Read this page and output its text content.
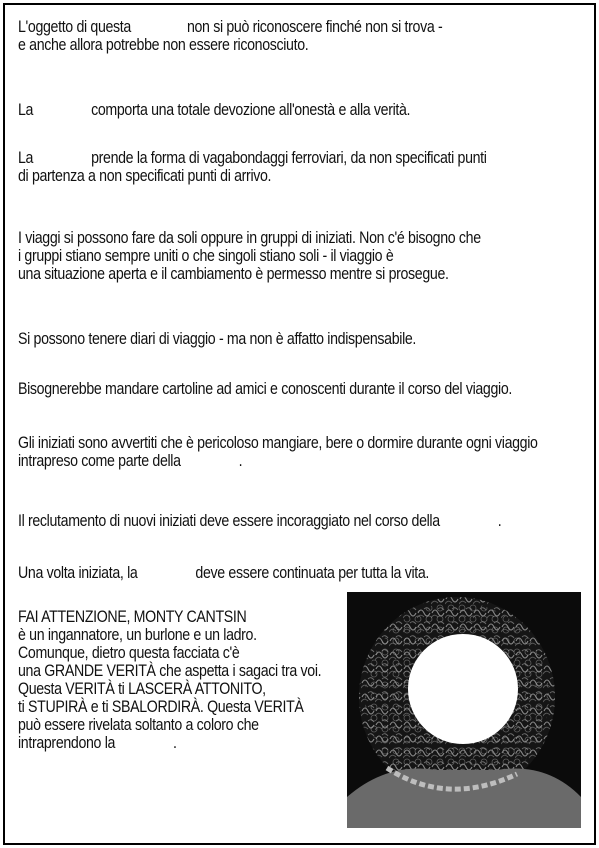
L'oggetto di questa	non si può riconoscere finché non si trova -
e anche allora potrebbe non essere riconosciuto.
La	comporta una totale devozione all'onestà e alla verità.
La	prende la forma di vagabondaggi ferroviari, da non specificati punti
di partenza a non specificati punti di arrivo.
I viaggi si possono fare da soli oppure in gruppi di iniziati. Non c'é bisogno che
i gruppi stiano sempre uniti o che singoli stiano soli - il viaggio è
una situazione aperta e il cambiamento è permesso mentre si prosegue.
Si possono tenere diari di viaggio - ma non è affatto indispensabile.
Bisognerebbe mandare cartoline ad amici e conoscenti durante il corso del viaggio.
Gli iniziati sono avvertiti che è pericoloso mangiare, bere o dormire durante ogni viaggio
intrapreso come parte della	.
Il reclutamento di nuovi iniziati deve essere incoraggiato nel corso della	.
Una volta iniziata, la	deve essere continuata per tutta la vita.
FAI ATTENZIONE, MONTY CANTSIN
è un ingannatore, un burlone e un ladro.
Comunque, dietro questa facciata c'è
una GRANDE VERITÀ che aspetta i sagaci tra voi.
Questa VERITÀ ti LASCERÀ ATTONITO,
ti STUPIRÀ e ti SBALORDIRÀ. Questa VERITÀ
può essere rivelata soltanto a coloro che
intraprendono la	.
